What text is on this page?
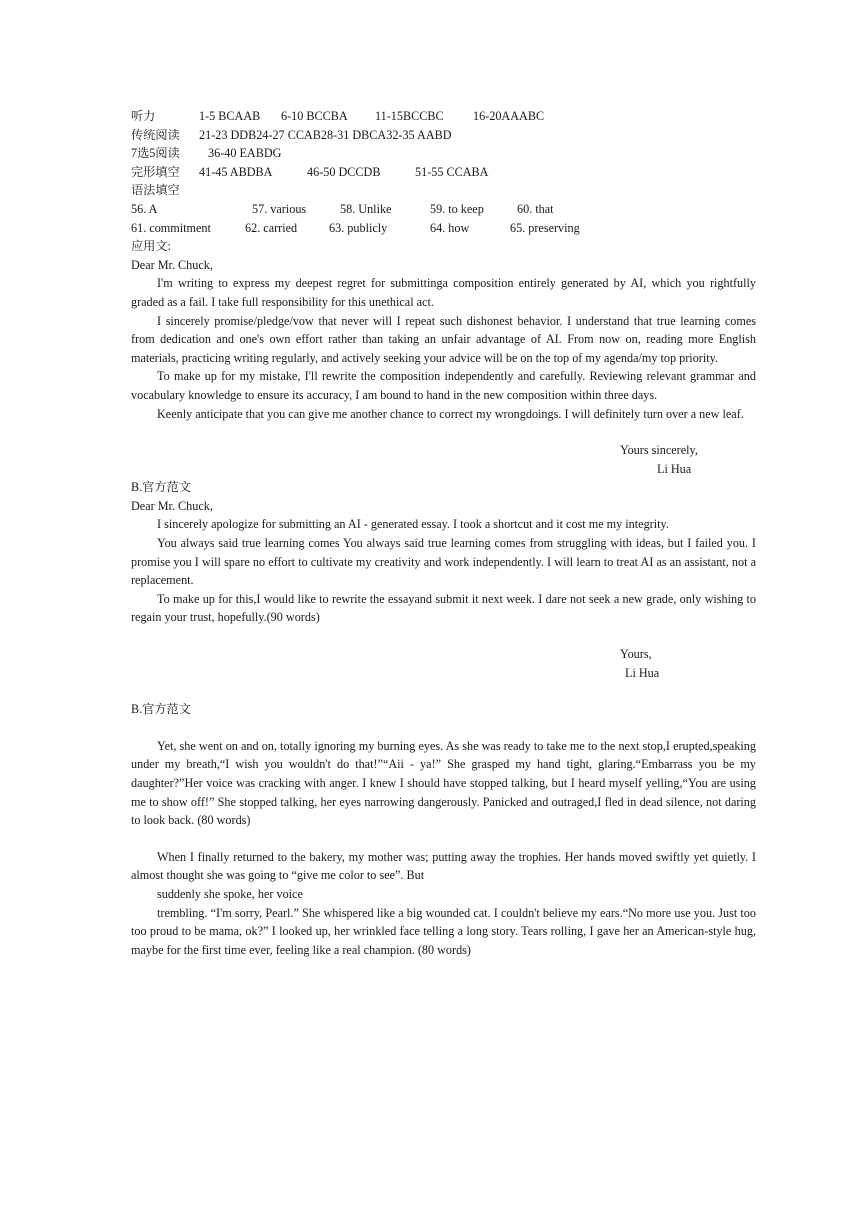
听力	1-5 BCAAB	6-10 BCCBA	11-15BCCBC	16-20AAABC
传统阅读	21-23 DDB24-27 CCAB28-31 DBCA32-35 AABD
7选5阅读	36-40 EABDG
完形填空	41-45 ABDBA	46-50 DCCDB	51-55 CCABA
语法填空
56. A	57. various	58. Unlike	59. to keep	60. that
61. commitment	62. carried	63. publicly	64. how	65. preserving
应用文:
Dear Mr. Chuck,

I'm writing to express my deepest regret for submittinga composition entirely generated by AI, which you rightfully graded as a fail. I take full responsibility for this unethical act.

I sincerely promise/pledge/vow that never will I repeat such dishonest behavior. I understand that true learning comes from dedication and one's own effort rather than taking an unfair advantage of AI. From now on, reading more English materials, practicing writing regularly, and actively seeking your advice will be on the top of my agenda/my top priority.

To make up for my mistake, I'll rewrite the composition independently and carefully. Reviewing relevant grammar and vocabulary knowledge to ensure its accuracy, I am bound to hand in the new composition within three days.

Keenly anticipate that you can give me another chance to correct my wrongdoings. I will definitely turn over a new leaf.

Yours sincerely,
Li Hua
B.官方范文
Dear Mr. Chuck,

I sincerely apologize for submitting an AI - generated essay. I took a shortcut and it cost me my integrity.

You always said true learning comes You always said true learning comes from struggling with ideas, but I failed you. I promise you I will spare no effort to cultivate my creativity and work independently. I will learn to treat AI as an assistant, not a replacement.

To make up for this,I would like to rewrite the essayand submit it next week. I dare not seek a new grade, only wishing to regain your trust, hopefully.(90 words)

Yours,
Li Hua
B.官方范文

Yet, she went on and on, totally ignoring my burning eyes. As she was ready to take me to the next stop,I erupted,speaking under my breath,“I wish you wouldn't do that!”“Aii - ya!” She grasped my hand tight, glaring.“Embarrass you be my daughter?”Her voice was cracking with anger. I knew I should have stopped talking, but I heard myself yelling,“You are using me to show off!” She stopped talking, her eyes narrowing dangerously. Panicked and outraged,I fled in dead silence, not daring to look back. (80 words)

When I finally returned to the bakery, my mother was; putting away the trophies. Her hands moved swiftly yet quietly. I almost thought she was going to “give me color to see”. But

suddenly she spoke, her voice

trembling. “I'm sorry, Pearl.” She whispered like a big wounded cat. I couldn't believe my ears.“No more use you. Just too too proud to be mama, ok?” I looked up, her wrinkled face telling a long story. Tears rolling, I gave her an American-style hug, maybe for the first time ever, feeling like a real champion. (80 words)
